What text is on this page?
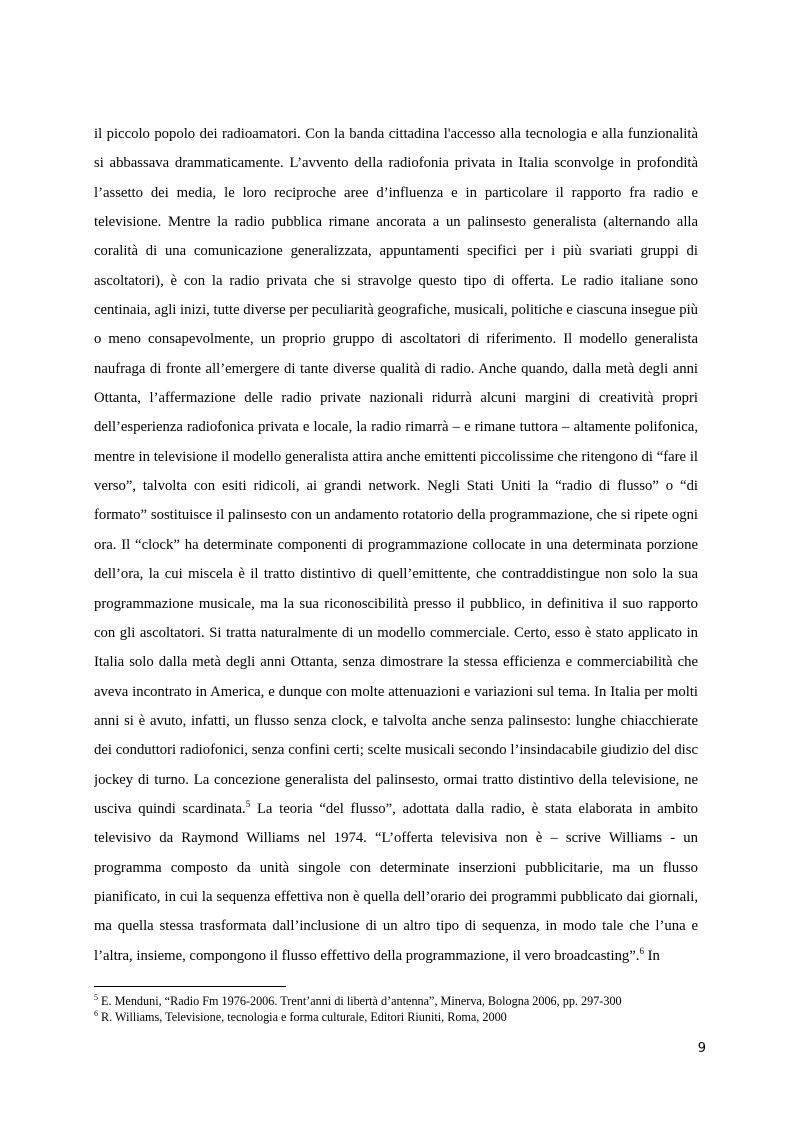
il piccolo popolo dei radioamatori. Con la banda cittadina l'accesso alla tecnologia e alla funzionalità
si abbassava drammaticamente. L’avvento della radiofonia privata in Italia sconvolge in profondità
l’assetto dei media, le loro reciproche aree d’influenza e in particolare il rapporto fra radio e
televisione. Mentre la radio pubblica rimane ancorata a un palinsesto generalista (alternando alla
coralità di una comunicazione generalizzata, appuntamenti specifici per i più svariati gruppi di
ascoltatori), è con la radio privata che si stravolge questo tipo di offerta. Le radio italiane sono
centinaia, agli inizi, tutte diverse per peculiarità geografiche, musicali, politiche e ciascuna insegue più
o meno consapevolmente, un proprio gruppo di ascoltatori di riferimento. Il modello generalista
naufraga di fronte all’emergere di tante diverse qualità di radio. Anche quando, dalla metà degli anni
Ottanta, l’affermazione delle radio private nazionali ridurrà alcuni margini di creatività propri
dell’esperienza radiofonica privata e locale, la radio rimarrà – e rimane tuttora – altamente polifonica,
mentre in televisione il modello generalista attira anche emittenti piccolissime che ritengono di “fare il
verso”, talvolta con esiti ridicoli, ai grandi network. Negli Stati Uniti la “radio di flusso” o “di
formato” sostituisce il palinsesto con un andamento rotatorio della programmazione, che si ripete ogni
ora. Il “clock” ha determinate componenti di programmazione collocate in una determinata porzione
dell’ora, la cui miscela è il tratto distintivo di quell’emittente, che contraddistingue non solo la sua
programmazione musicale, ma la sua riconoscibilità presso il pubblico, in definitiva il suo rapporto
con gli ascoltatori. Si tratta naturalmente di un modello commerciale. Certo, esso è stato applicato in
Italia solo dalla metà degli anni Ottanta, senza dimostrare la stessa efficienza e commerciabilità che
aveva incontrato in America, e dunque con molte attenuazioni e variazioni sul tema. In Italia per molti
anni si è avuto, infatti, un flusso senza clock, e talvolta anche senza palinsesto: lunghe chiacchierate
dei conduttori radiofonici, senza confini certi; scelte musicali secondo l’insindacabile giudizio del disc
jockey di turno. La concezione generalista del palinsesto, ormai tratto distintivo della televisione, ne
usciva quindi scardinata.$^5$ La teoria “del flusso”, adottata dalla radio, è stata elaborata in ambito
televisivo da Raymond Williams nel 1974. “L’offerta televisiva non è – scrive Williams - un
programma composto da unità singole con determinate inserzioni pubblicitarie, ma un flusso
pianificato, in cui la sequenza effettiva non è quella dell’orario dei programmi pubblicato dai giornali,
ma quella stessa trasformata dall’inclusione di un altro tipo di sequenza, in modo tale che l’una e
l’altra, insieme, compongono il flusso effettivo della programmazione, il vero broadcasting”.$^6$ In
$^5$ E. Menduni, “Radio Fm 1976-2006. Trent’anni di libertà d’antenna”, Minerva, Bologna 2006, pp. 297-300
$^6$ R. Williams, Televisione, tecnologia e forma culturale, Editori Riuniti, Roma, 2000
9
